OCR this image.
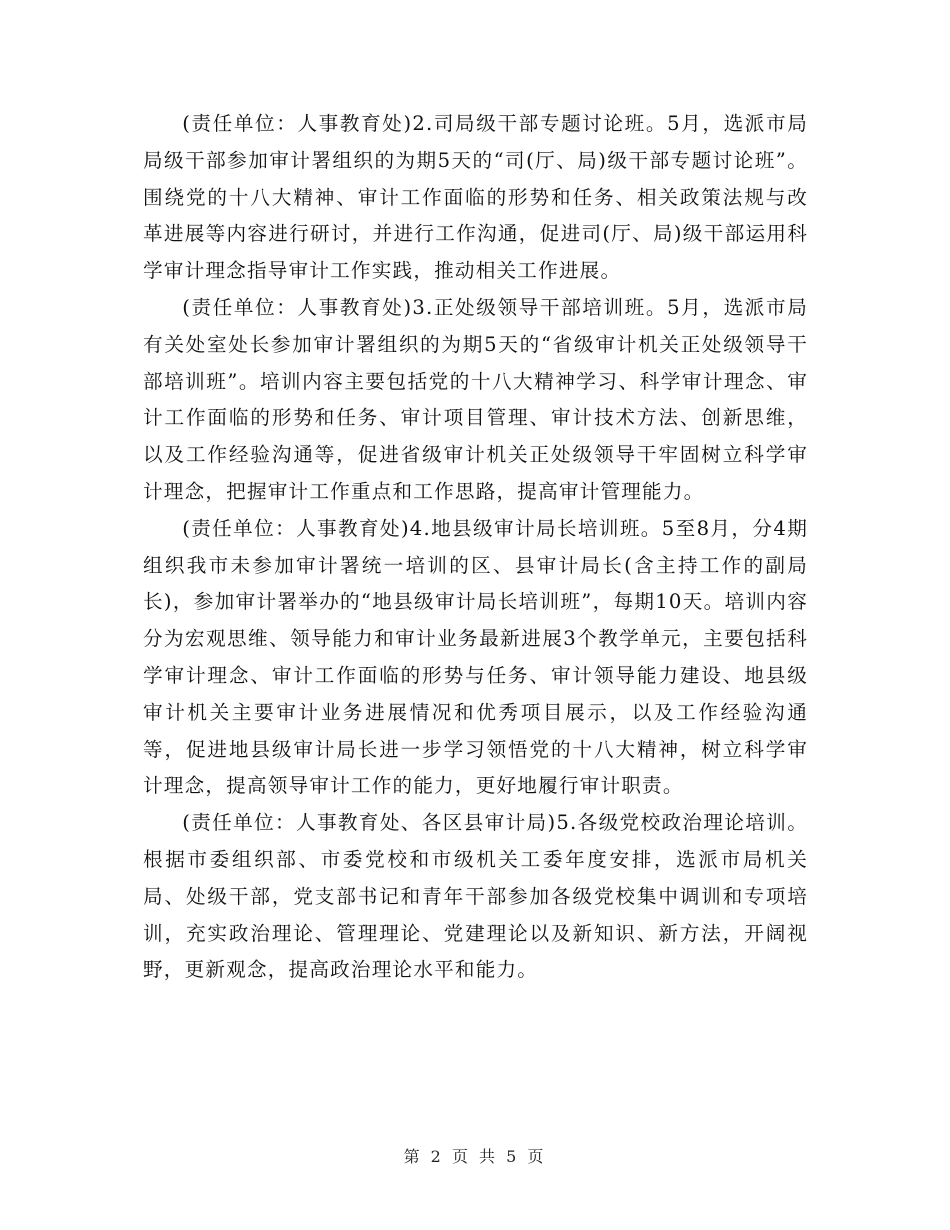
(责任单位：人事教育处)2.司局级干部专题讨论班。5月，选派市局局级干部参加审计署组织的为期5天的“司(厅、局)级干部专题讨论班”。围绕党的十八大精神、审计工作面临的形势和任务、相关政策法规与改革进展等内容进行研讨，并进行工作沟通，促进司(厅、局)级干部运用科学审计理念指导审计工作实践，推动相关工作进展。

(责任单位：人事教育处)3.正处级领导干部培训班。5月，选派市局有关处室处长参加审计署组织的为期5天的“省级审计机关正处级领导干部培训班”。培训内容主要包括党的十八大精神学习、科学审计理念、审计工作面临的形势和任务、审计项目管理、审计技术方法、创新思维，以及工作经验沟通等，促进省级审计机关正处级领导干牢固树立科学审计理念，把握审计工作重点和工作思路，提高审计管理能力。

(责任单位：人事教育处)4.地县级审计局长培训班。5至8月，分4期组织我市未参加审计署统一培训的区、县审计局长(含主持工作的副局长)，参加审计署举办的“地县级审计局长培训班”，每期10天。培训内容分为宏观思维、领导能力和审计业务最新进展3个教学单元，主要包括科学审计理念、审计工作面临的形势与任务、审计领导能力建设、地县级审计机关主要审计业务进展情况和优秀项目展示，以及工作经验沟通等，促进地县级审计局长进一步学习领悟党的十八大精神，树立科学审计理念，提高领导审计工作的能力，更好地履行审计职责。

(责任单位：人事教育处、各区县审计局)5.各级党校政治理论培训。根据市委组织部、市委党校和市级机关工委年度安排，选派市局机关局、处级干部，党支部书记和青年干部参加各级党校集中调训和专项培训，充实政治理论、管理理论、党建理论以及新知识、新方法，开阔视野，更新观念，提高政治理论水平和能力。

第 2 页 共 5 页
